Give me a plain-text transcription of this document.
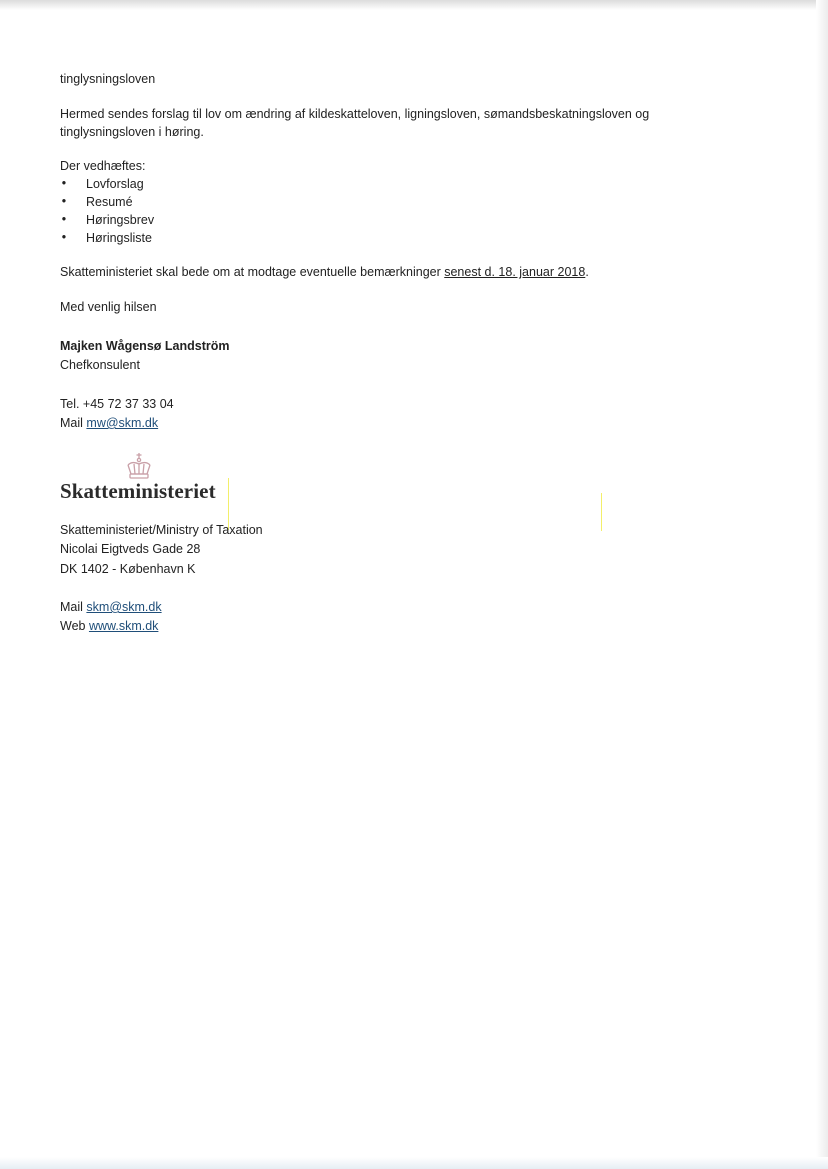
tinglysningsloven
Hermed sendes forslag til lov om ændring af kildeskatteloven, ligningsloven, sømandsbeskatningsloven og
tinglysningsloven i høring.
Der vedhæftes:
• Lovforslag
• Resumé
• Høringsbrev
• Høringsliste
Skatteministeriet skal bede om at modtage eventuelle bemærkninger senest d. 18. januar 2018.
Med venlig hilsen
Majken Wågensø Landström
Chefkonsulent
Tel. +45 72 37 33 04
Mail mw@skm.dk
Skatteministeriet
Skatteministeriet/Ministry of Taxation
Nicolai Eigtveds Gade 28
DK 1402 - København K
Mail skm@skm.dk
Web www.skm.dk
